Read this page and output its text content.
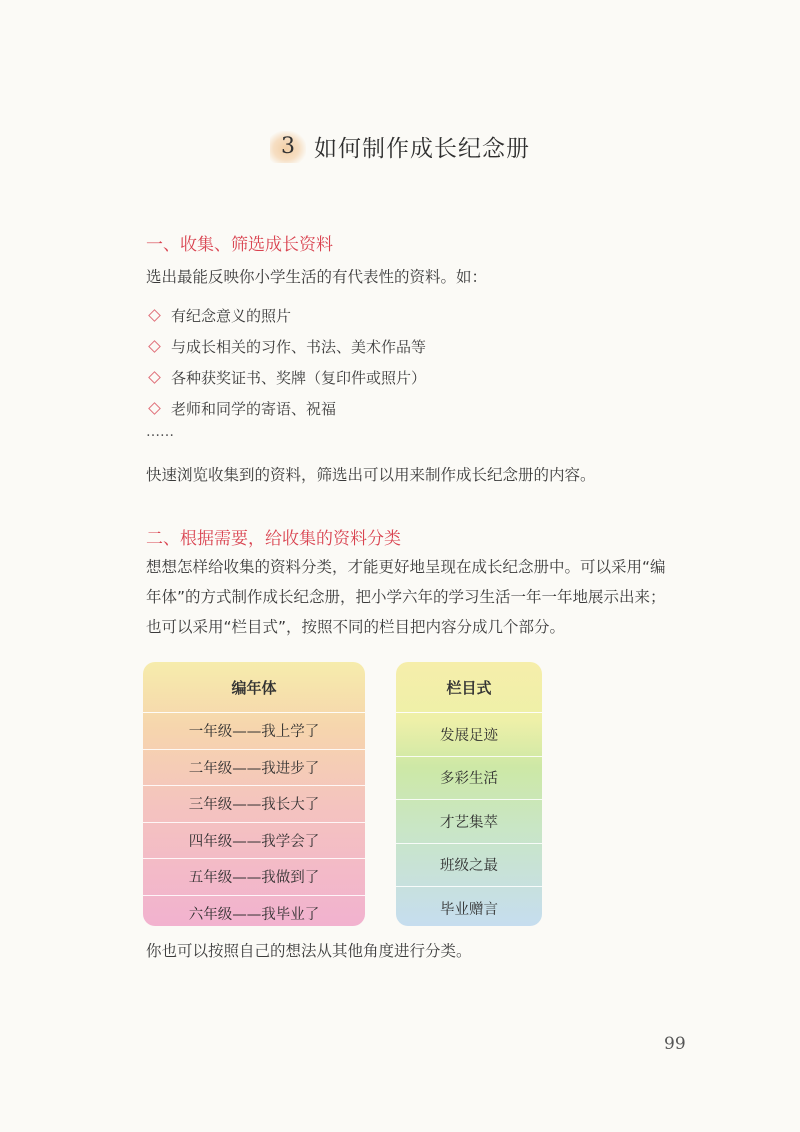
3 如何制作成长纪念册
一、收集、筛选成长资料
选出最能反映你小学生活的有代表性的资料。如：
有纪念意义的照片
与成长相关的习作、书法、美术作品等
各种获奖证书、奖牌（复印件或照片）
老师和同学的寄语、祝福
……
快速浏览收集到的资料，筛选出可以用来制作成长纪念册的内容。
二、根据需要，给收集的资料分类
想想怎样给收集的资料分类，才能更好地呈现在成长纪念册中。可以采用“编年体”的方式制作成长纪念册，把小学六年的学习生活一年一年地展示出来；也可以采用“栏目式”，按照不同的栏目把内容分成几个部分。
编年体
一年级——我上学了
二年级——我进步了
三年级——我长大了
四年级——我学会了
五年级——我做到了
六年级——我毕业了
栏目式
发展足迹
多彩生活
才艺集萃
班级之最
毕业赠言
你也可以按照自己的想法从其他角度进行分类。
99
